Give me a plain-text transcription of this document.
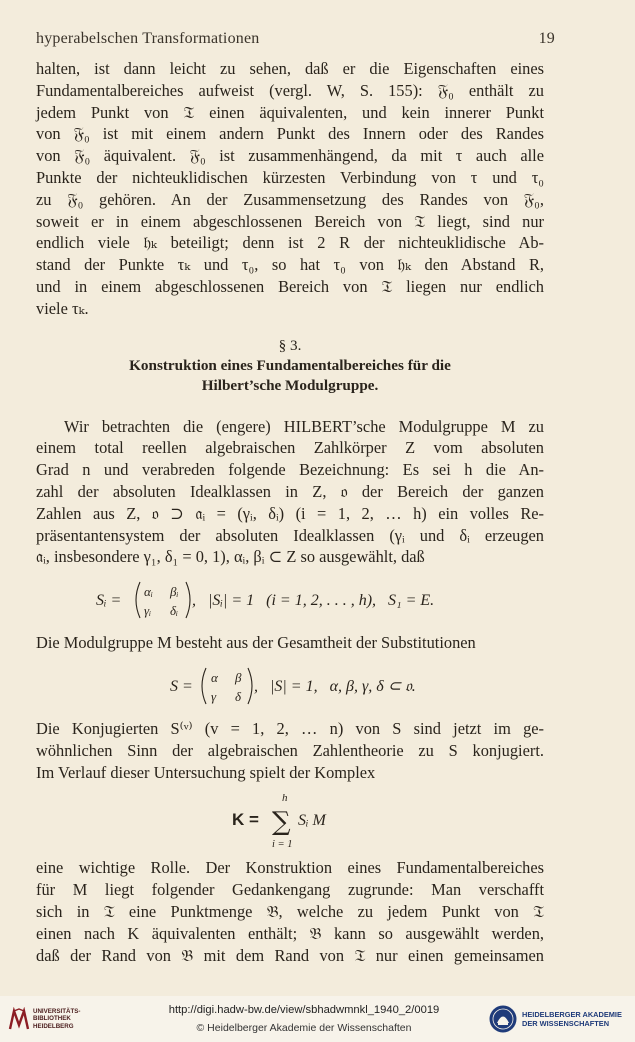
hyperabelschen Transformationen	19

halten, ist dann leicht zu sehen, daß er die Eigenschaften eines
Fundamentalbereiches aufweist (vergl. W, S. 155): 𝔉₀ enthält zu
jedem Punkt von 𝔗 einen äquivalenten, und kein innerer Punkt
von 𝔉₀ ist mit einem andern Punkt des Innern oder des Randes
von 𝔉₀ äquivalent. 𝔉₀ ist zusammenhängend, da mit τ auch alle
Punkte der nichteuklidischen kürzesten Verbindung von τ und τ₀
zu 𝔉₀ gehören. An der Zusammensetzung des Randes von 𝔉₀,
soweit er in einem abgeschlossenen Bereich von 𝔗 liegt, sind nur
endlich viele 𝔥ₖ beteiligt; denn ist 2 R der nichteuklidische Ab-
stand der Punkte τₖ und τ₀, so hat τ₀ von 𝔥ₖ den Abstand R,
und in einem abgeschlossenen Bereich von 𝔗 liegen nur endlich
viele τₖ.

§ 3.
Konstruktion eines Fundamentalbereiches für die
Hilbert’sche Modulgruppe.

Wir betrachten die (engere) HILBERT’sche Modulgruppe M zu
einem total reellen algebraischen Zahlkörper Z vom absoluten
Grad n und verabreden folgende Bezeichnung: Es sei h die An-
zahl der absoluten Idealklassen in Z, 𝔬 der Bereich der ganzen
Zahlen aus Z, 𝔬 ⊃ 𝔞ᵢ = (γᵢ, δᵢ) (i = 1, 2, … h) ein volles Re-
präsentantensystem der absoluten Idealklassen (γᵢ und δᵢ erzeugen
𝔞ᵢ, insbesondere γ₁, δ₁ = 0, 1), αᵢ, βᵢ ⊂ Z so ausgewählt, daß

Sᵢ =
αᵢ βᵢ
γᵢ δᵢ
,   |Sᵢ| = 1   (i = 1, 2, . . . , h),   S₁ = E.

Die Modulgruppe M besteht aus der Gesamtheit der Substitutionen

S =
α β
γ δ
,   |S| = 1,   α, β, γ, δ ⊂ 𝔬.

Die Konjugierten S⁽ᵛ⁾ (v = 1, 2, … n) von S sind jetzt im ge-
wöhnlichen Sinn der algebraischen Zahlentheorie zu S konjugiert.
Im Verlauf dieser Untersuchung spielt der Komplex

K =
h
∑
i = 1
Sᵢ M

eine wichtige Rolle. Der Konstruktion eines Fundamentalbereiches
für M liegt folgender Gedankengang zugrunde: Man verschafft
sich in 𝔗 eine Punktmenge 𝔅, welche zu jedem Punkt von 𝔗
einen nach K äquivalenten enthält; 𝔅 kann so ausgewählt werden,
daß der Rand von 𝔅 mit dem Rand von 𝔗 nur einen gemeinsamen

UNIVERSITÄTS-
BIBLIOTHEK
HEIDELBERG
http://digi.hadw-bw.de/view/sbhadwmnkl_1940_2/0019
© Heidelberger Akademie der Wissenschaften
HEIDELBERGER AKADEMIE
DER WISSENSCHAFTEN
